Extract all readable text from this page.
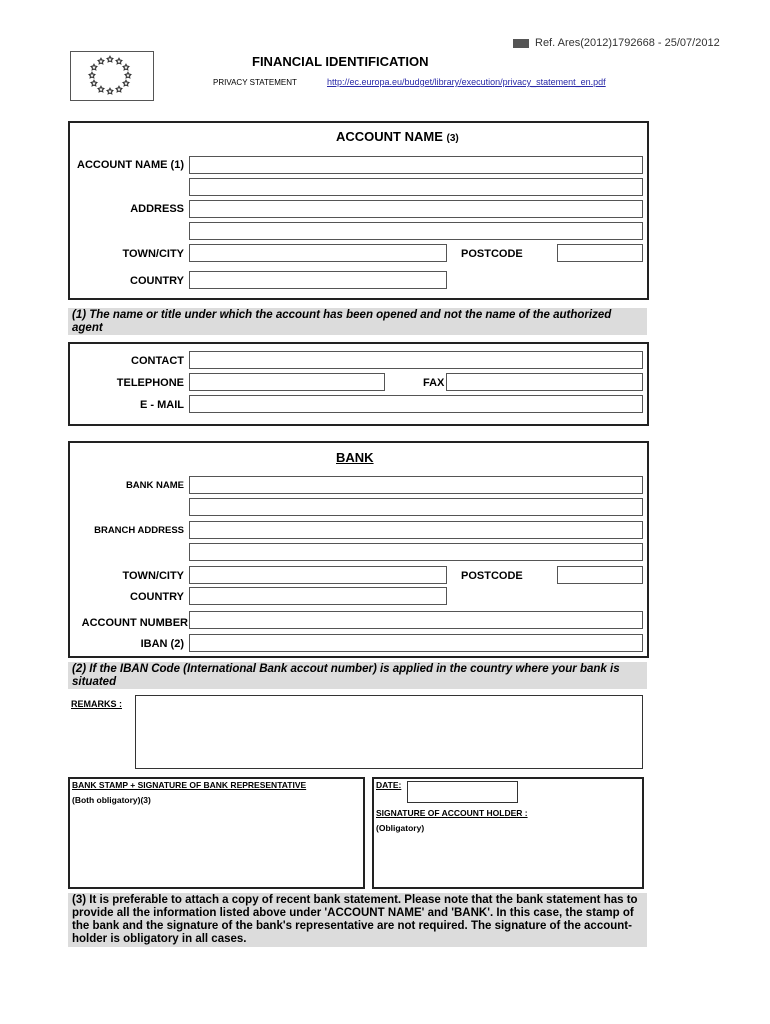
Ref. Ares(2012)1792668 - 25/07/2012
✩ ✩
✩
✩
✩
✩
✩
✩
✩
✩
✩
✩	FINANCIAL IDENTIFICATION
PRIVACY STATEMENT	http://ec.europa.eu/budget/library/execution/privacy_statement_en.pdf
ACCOUNT NAME (3)
ACCOUNT NAME (1)
ADDRESS
TOWN/CITY	POSTCODE
COUNTRY
(1) The name or title under which the account has been opened and not the name of the authorized agent
CONTACT
TELEPHONE	FAX
E - MAIL
BANK
BANK NAME
BRANCH ADDRESS
TOWN/CITY	POSTCODE
COUNTRY
ACCOUNT NUMBER
IBAN (2)
(2) If the IBAN Code (International Bank accout number) is applied in the country where your bank is situated
REMARKS :
BANK STAMP + SIGNATURE OF BANK REPRESENTATIVE
(Both obligatory)(3)
DATE:
SIGNATURE OF ACCOUNT HOLDER :
(Obligatory)
(3) It is preferable to attach a copy of recent bank statement. Please note that the bank statement has to provide all the information listed above under 'ACCOUNT NAME' and 'BANK'. In this case, the stamp of the bank and the signature of the bank's representative are not required. The signature of the account-holder is obligatory in all cases.
